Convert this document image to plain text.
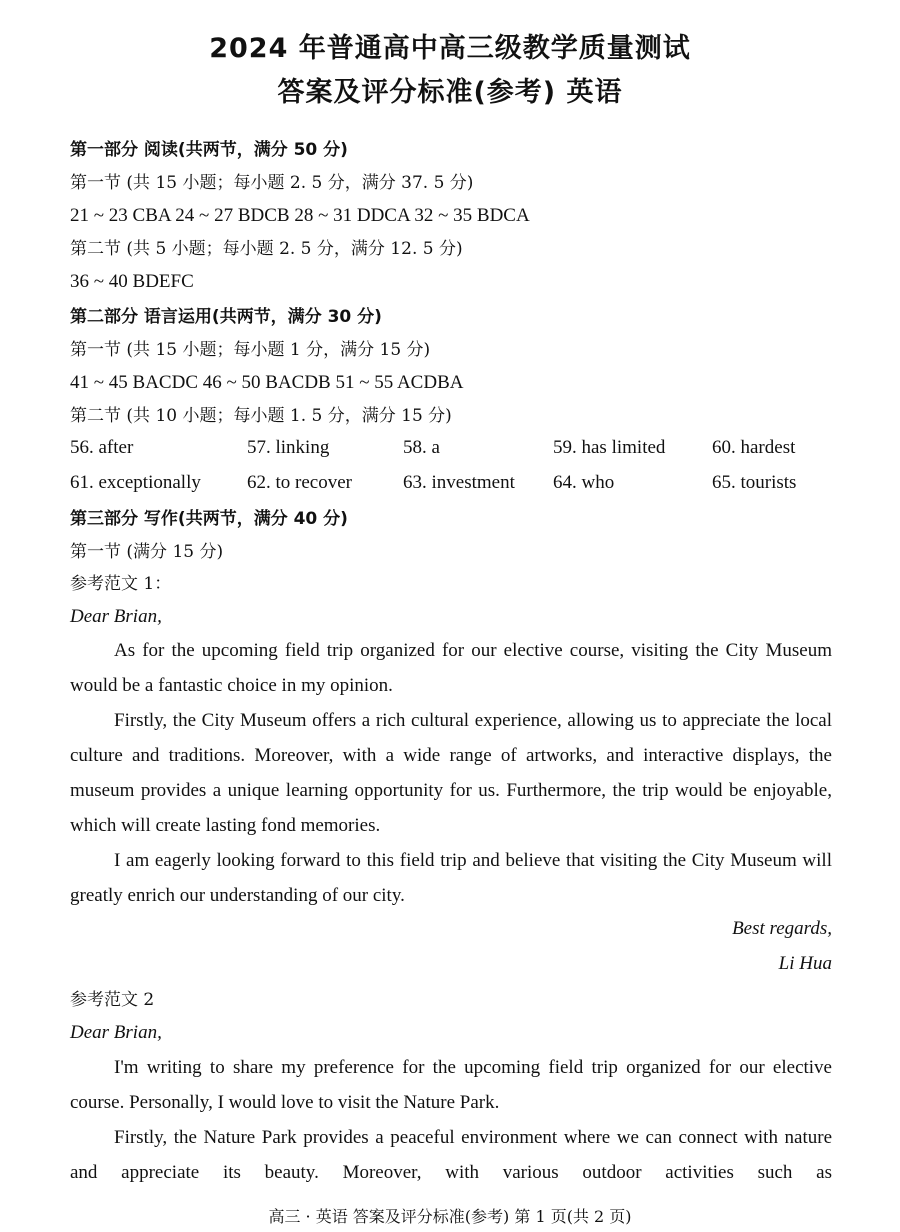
2024 年普通高中高三级教学质量测试
答案及评分标准(参考) 英语
第一部分 阅读(共两节，满分 50 分)
第一节 (共 15 小题；每小题 2. 5 分，满分 37. 5 分)
21 ~ 23 CBA 24 ~ 27 BDCB 28 ~ 31 DDCA 32 ~ 35 BDCA
第二节 (共 5 小题；每小题 2. 5 分，满分 12. 5 分)
36 ~ 40 BDEFC
第二部分 语言运用(共两节，满分 30 分)
第一节 (共 15 小题；每小题 1 分，满分 15 分)
41 ~ 45 BACDC 46 ~ 50 BACDB 51 ~ 55 ACDBA
第二节 (共 10 小题；每小题 1. 5 分，满分 15 分)
56. after	57. linking	58. a	59. has limited 60. hardest
61. exceptionally 62. to recover	63. investment 64. who	65. tourists
第三部分 写作(共两节，满分 40 分)
第一节 (满分 15 分)
参考范文 1：
Dear Brian,
As for the upcoming field trip organized for our elective course, visiting the City Museum would be a fantastic choice in my opinion.
Firstly, the City Museum offers a rich cultural experience, allowing us to appreciate the local culture and traditions. Moreover, with a wide range of artworks, and interactive displays, the museum provides a unique learning opportunity for us. Furthermore, the trip would be enjoyable, which will create lasting fond memories.
I am eagerly looking forward to this field trip and believe that visiting the City Museum will greatly enrich our understanding of our city.
Best regards,
Li Hua
参考范文 2
Dear Brian,
I'm writing to share my preference for the upcoming field trip organized for our elective course. Personally, I would love to visit the Nature Park.
Firstly, the Nature Park provides a peaceful environment where we can connect with nature and appreciate its beauty. Moreover, with various outdoor activities such as
高三 · 英语 答案及评分标准(参考) 第 1 页(共 2 页)
